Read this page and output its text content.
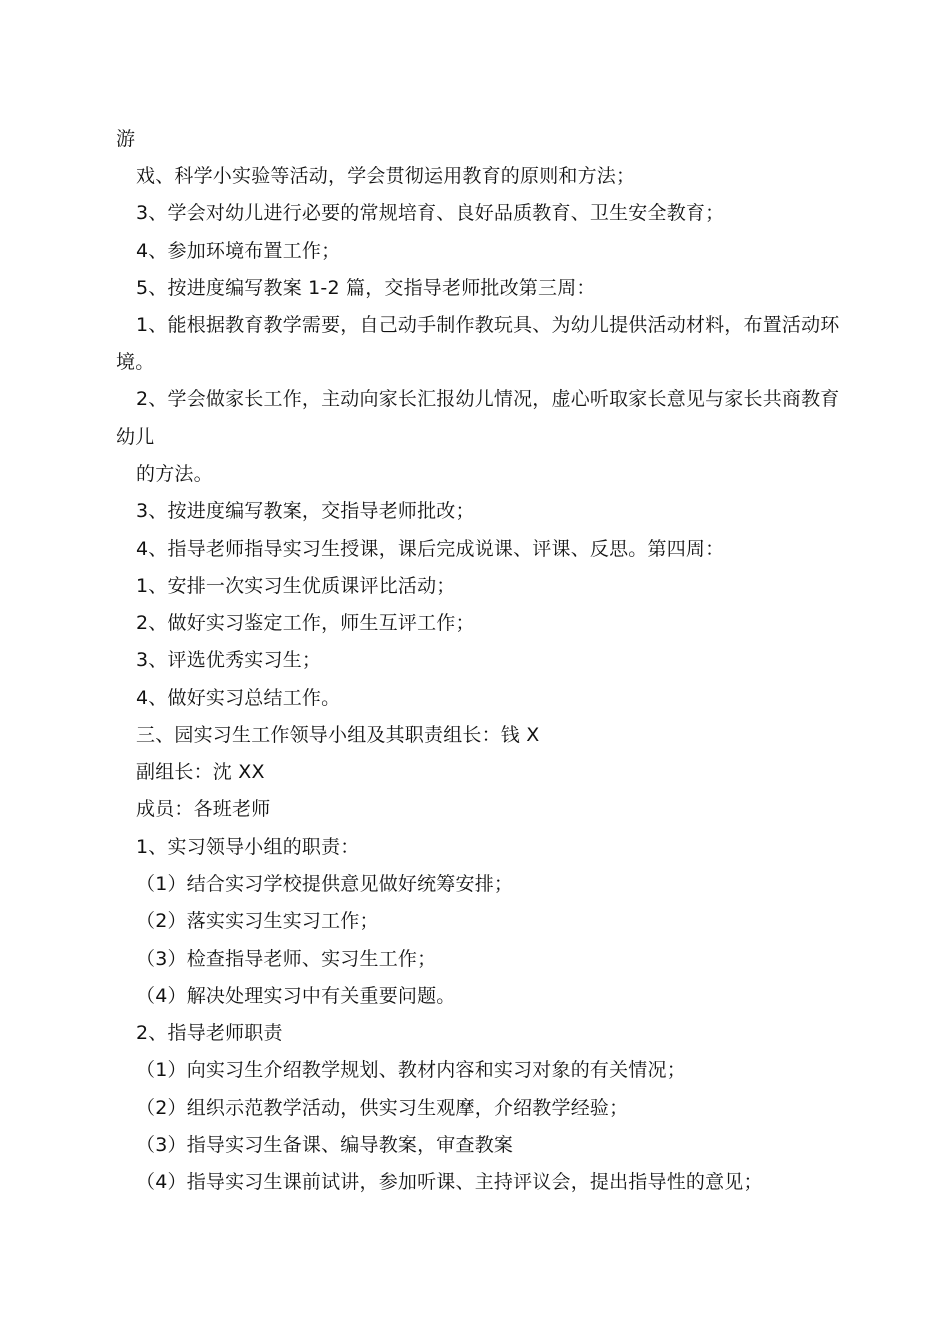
游
戏、科学小实验等活动，学会贯彻运用教育的原则和方法；
3、学会对幼儿进行必要的常规培育、良好品质教育、卫生安全教育；
4、参加环境布置工作；
5、按进度编写教案 1-2 篇，交指导老师批改第三周：
1、能根据教育教学需要，自己动手制作教玩具、为幼儿提供活动材料，布置活动环
境。
2、学会做家长工作，主动向家长汇报幼儿情况，虚心听取家长意见与家长共商教育
幼儿
的方法。
3、按进度编写教案，交指导老师批改；
4、指导老师指导实习生授课，课后完成说课、评课、反思。第四周：
1、安排一次实习生优质课评比活动；
2、做好实习鉴定工作，师生互评工作；
3、评选优秀实习生；
4、做好实习总结工作。
三、园实习生工作领导小组及其职责组长：钱 X
副组长：沈 XX
成员：各班老师
1、实习领导小组的职责：
（1）结合实习学校提供意见做好统筹安排；
（2）落实实习生实习工作；
（3）检查指导老师、实习生工作；
（4）解决处理实习中有关重要问题。
2、指导老师职责
（1）向实习生介绍教学规划、教材内容和实习对象的有关情况；
（2）组织示范教学活动，供实习生观摩，介绍教学经验；
（3）指导实习生备课、编导教案，审查教案
（4）指导实习生课前试讲，参加听课、主持评议会，提出指导性的意见；
